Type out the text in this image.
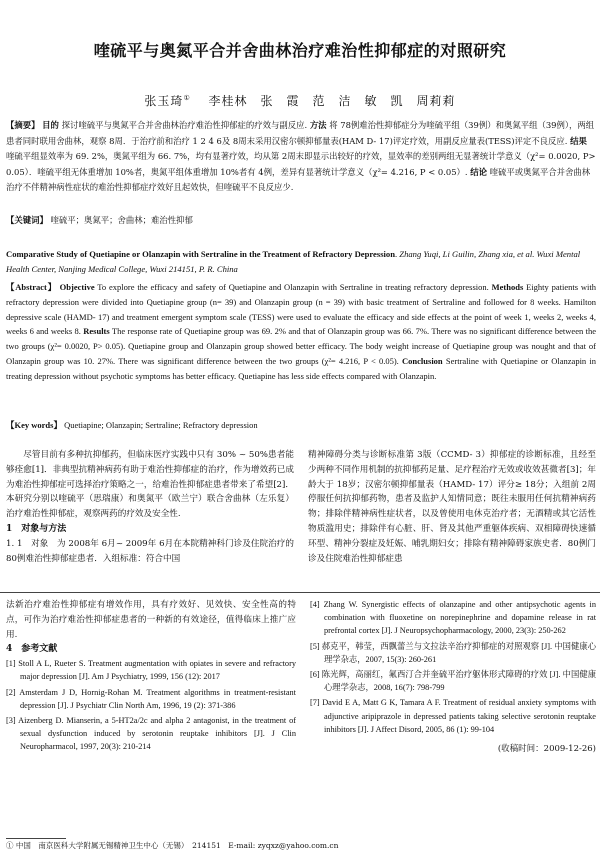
喹硫平与奥氮平合并舍曲林治疗难治性抑郁症的对照研究
张玉琦①　 李桂林　张　霞　范　洁　敏　凯　周莉莉
【摘要】 目的 探讨喹硫平与奥氮平合并舍曲林治疗难治性抑郁症的疗效与副反应. 方法 将 78例难治性抑郁症分为喹硫平组（39例）和奥氮平组（39例），两组患者同时联用舍曲林，观察 8周．于治疗前和治疗 1 2 4 6及 8周末采用汉密尔顿抑郁量表(HAM D- 17)评定疗效，用副反应量表(TESS)评定不良反应. 结果 喹硫平组显效率为 69. 2%，奥氮平组为 66. 7%，均有显著疗效，均从第 2周末即显示出较好的疗效，显效率的差别两组无显著统计学意义（χ²= 0.0020, P> 0.05）．喹硫平组无体重增加 10%者，奥氮平组体重增加 10%者有 4例，差异有显著统计学意义（χ²= 4.216, P < 0.05）. 结论 喹硫平或奥氮平合并舍曲林治疗不伴精神病性症状的难治性抑郁症疗效好且起效快，但喹硫平不良反应少.
【关键词】 喹硫平；奥氮平；舍曲林；难治性抑郁
Comparative Study of Quetiapine or Olanzapin with Sertraline in the Treatment of Refractory Depression. Zhang Yuqi, Li Guilin, Zhang xia, et al. Wuxi Mental Health Center, Nanjing Medical College, Wuxi 214151, P. R. China
【Abstract】 Objective To explore the efficacy and safety of Quetiapine and Olanzapin with Sertraline in treating refractory depression. Methods Eighty patients with refractory depression were divided into Quetiapine group (n= 39) and Olanzapin group (n = 39) with basic treatment of Sertraline and followed for 8 weeks. Hamilton depressive scale (HAMD- 17) and treatment emergent symptom scale (TESS) were used to evaluate the efficacy and side effects at the point of week 1, weeks 2, weeks 4, weeks 6 and weeks 8. Results The response rate of Quetiapine group was 69. 2% and that of Olanzapin group was 66. 7%. There was no significant difference between the two groups (χ²= 0.0020, P> 0.05). Quetiapine group and Olanzapin group showed better efficacy. The body weight increase of Quetiapine group was nought and that of Olanzapin group was 10. 27%. There was significant difference between the two groups (χ²= 4.216, P < 0.05). Conclusion Sertraline with Quetiapine or Olanzapin in treating depression without psychotic symptoms has better efficacy. Quetiapine has less side effects compared with Olanzapin.
【Key words】 Quetiapine; Olanzapin; Sertraline; Refractory depression

尽管目前有多种抗抑郁药，但临床医疗实践中只有 30% ~ 50%患者能够痊愈[1]．非典型抗精神病药有助于难治性抑郁症的治疗，作为增效药已成为难治性抑郁症可选择治疗策略之一，给难治性抑郁症患者带来了希望[2]．本研究分别以喹硫平（思瑞康）和奥氮平（欧兰宁）联合舍曲林（左乐复）治疗难治性抑郁症，观察两药的疗效及安全性.

1　对象与方法

1. 1　对象　为 2008年 6月~ 2009年 6月在本院精神科门诊及住院治疗的 80例难治性抑郁症患者．入组标准：符合中国

精神障碍分类与诊断标准第 3版（CCMD- 3）抑郁症的诊断标准，且经至少两种不同作用机制的抗抑郁药足量、足疗程治疗无效或收效甚微者[3]；年龄大于 18岁；汉密尔顿抑郁量表（HAMD- 17）评分≥ 18分；入组前 2周停服任何抗抑郁药物，患者及监护人知情同意；既往未服用任何抗精神病药物；排除伴精神病性症状者，以及曾使用电休克治疗者；无酒精或其它活性物质滥用史；排除伴有心脏、肝、肾及其他严重躯体疾病、双相障碍快速循环型、精神分裂症及妊娠、哺乳期妇女；排除有精神障碍家族史者．80例门诊及住院难治性抑郁症患

法新治疗难治性抑郁症有增效作用，具有疗效好、见效快、安全性高的特点，可作为治疗难治性抑郁症患者的一种新的有效途径，值得临床上推广应用.

4　参考文献

[1] Stoll A L, Rueter S. Treatment augmentation with opiates in severe and refractory major depression [J]. Am J Psychiatry, 1999, 156 (12): 2017

[2] Amsterdam J D, Hornig-Rohan M. Treatment algorithms in treatment-resistant depression [J]. J Psychiatr Clin North Am, 1996, 19 (2): 371-386

[3] Aizenberg D. Mianserin, a 5-HT2a/2c and alpha 2 antagonist, in the treatment of sexual dysfunction induced by serotonin reuptake inhibitors [J]. J Clin Neuropharmacol, 1997, 20(3): 210-214

[4] Zhang W. Synergistic effects of olanzapine and other antipsychotic agents in combination with fluoxetine on norepinephrine and dopamine release in rat prefrontal cortex [J]. J Neuropsychopharmacology, 2000, 23(3): 250-262

[5] 郝克平，韩莹，西飘蕾兰与文拉法辛治疗抑郁症的对照观察 [J]. 中国健康心理学杂志，2007, 15(3): 260-261

[6] 陈光辉，高丽红，氟西汀合并奎硫平治疗躯体形式障碍的疗效 [J]. 中国健康心理学杂志，2008, 16(7): 798-799

[7] David E A, Matt G K, Tamara A F. Treatment of residual anxiety symptoms with adjunctive aripiprazole in depressed patients taking selective serotonin reuptake inhibitors [J]. J Affect Disord, 2005, 86 (1): 99-104

(收稿时间：2009-12-26)

① 中国　南京医科大学附属无锡精神卫生中心（无锡）　214151　E-mail: zyqxz@yahoo.com.cn
